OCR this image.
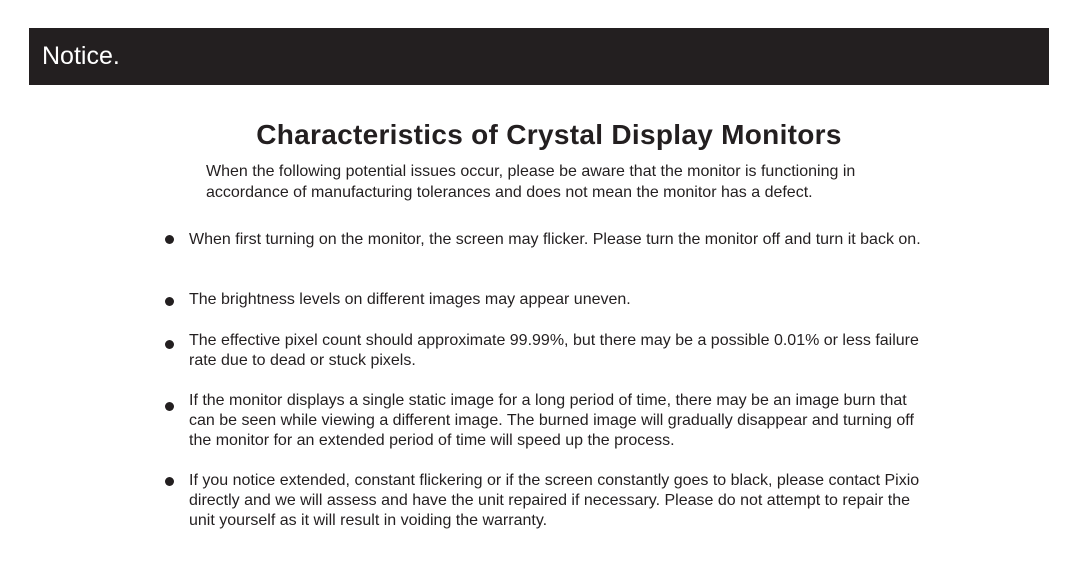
Notice.
Characteristics of Crystal Display Monitors
When the following potential issues occur, please be aware that the monitor is functioning in accordance of manufacturing tolerances and does not mean the monitor has a defect.
When first turning on the monitor, the screen may flicker. Please turn the monitor off and turn it back on.
The brightness levels on different images may appear uneven.
The effective pixel count should approximate 99.99%, but there may be a possible 0.01% or less failure rate due to dead or stuck pixels.
If the monitor displays a single static image for a long period of time, there may be an image burn that can be seen while viewing a different image. The burned image will gradually disappear and turning off the monitor for an extended period of time will speed up the process.
If you notice extended, constant flickering or if the screen constantly goes to black, please contact Pixio directly and we will assess and have the unit repaired if necessary. Please do not attempt to repair the unit yourself as it will result in voiding the warranty.
